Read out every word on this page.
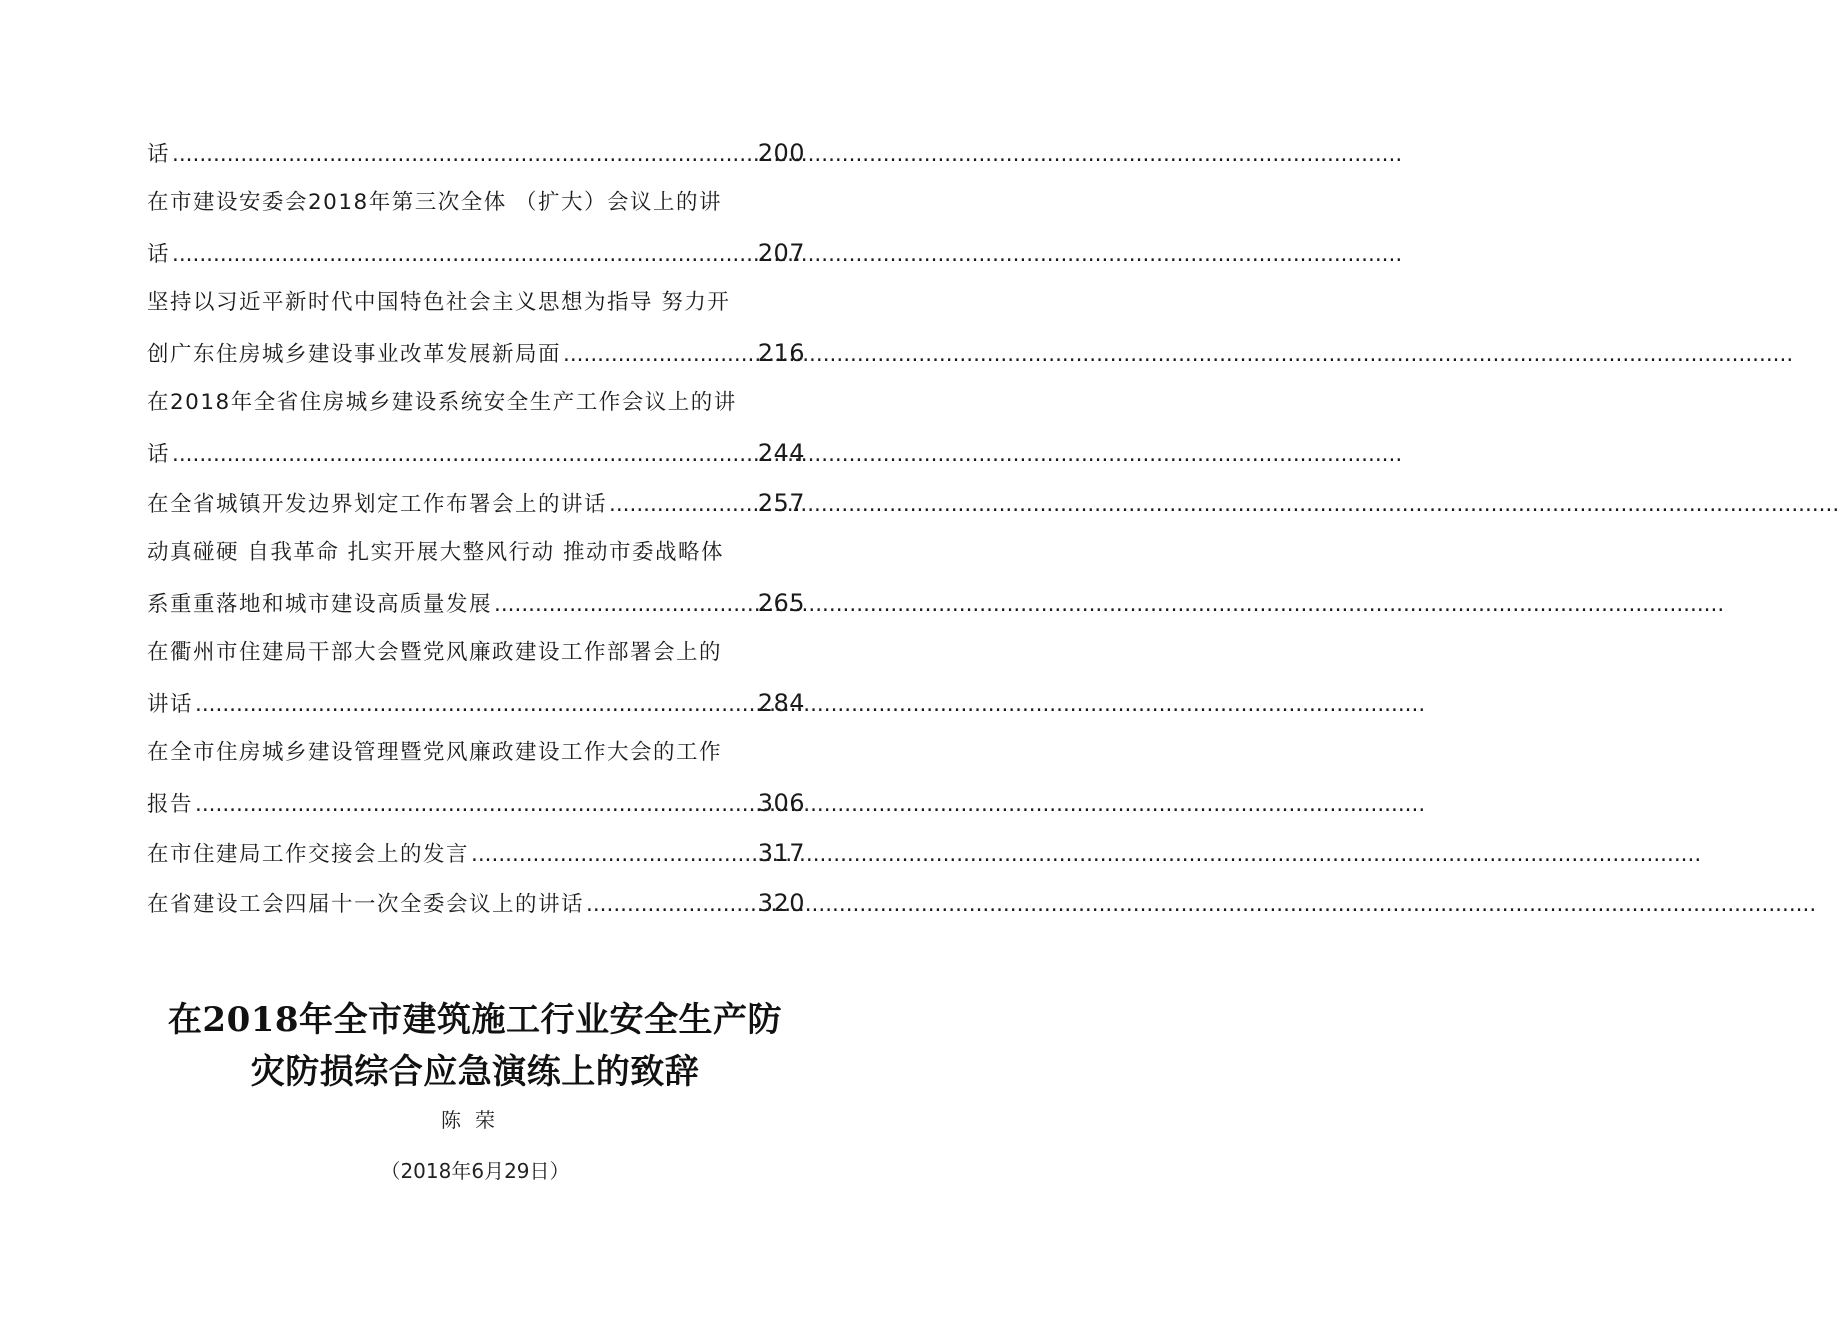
话 .....	200
在市建设安委会2018年第三次全体 （扩大）会议上的讲
话 .....	207
坚持以习近平新时代中国特色社会主义思想为指导 努力开
创广东住房城乡建设事业改革发展新局面 .....	216
在2018年全省住房城乡建设系统安全生产工作会议上的讲
话 .....	244
在全省城镇开发边界划定工作布署会上的讲话 .....	257
动真碰硬 自我革命 扎实开展大整风行动 推动市委战略体
系重重落地和城市建设高质量发展 .....	265
在衢州市住建局干部大会暨党风廉政建设工作部署会上的
讲话 .....	284
在全市住房城乡建设管理暨党风廉政建设工作大会的工作
报告 .....	306
在市住建局工作交接会上的发言 .....	317
在省建设工会四届十一次全委会议上的讲话 .....	320
在2018年全市建筑施工行业安全生产防
灾防损综合应急演练上的致辞
陈荣
（2018年6月29日）
